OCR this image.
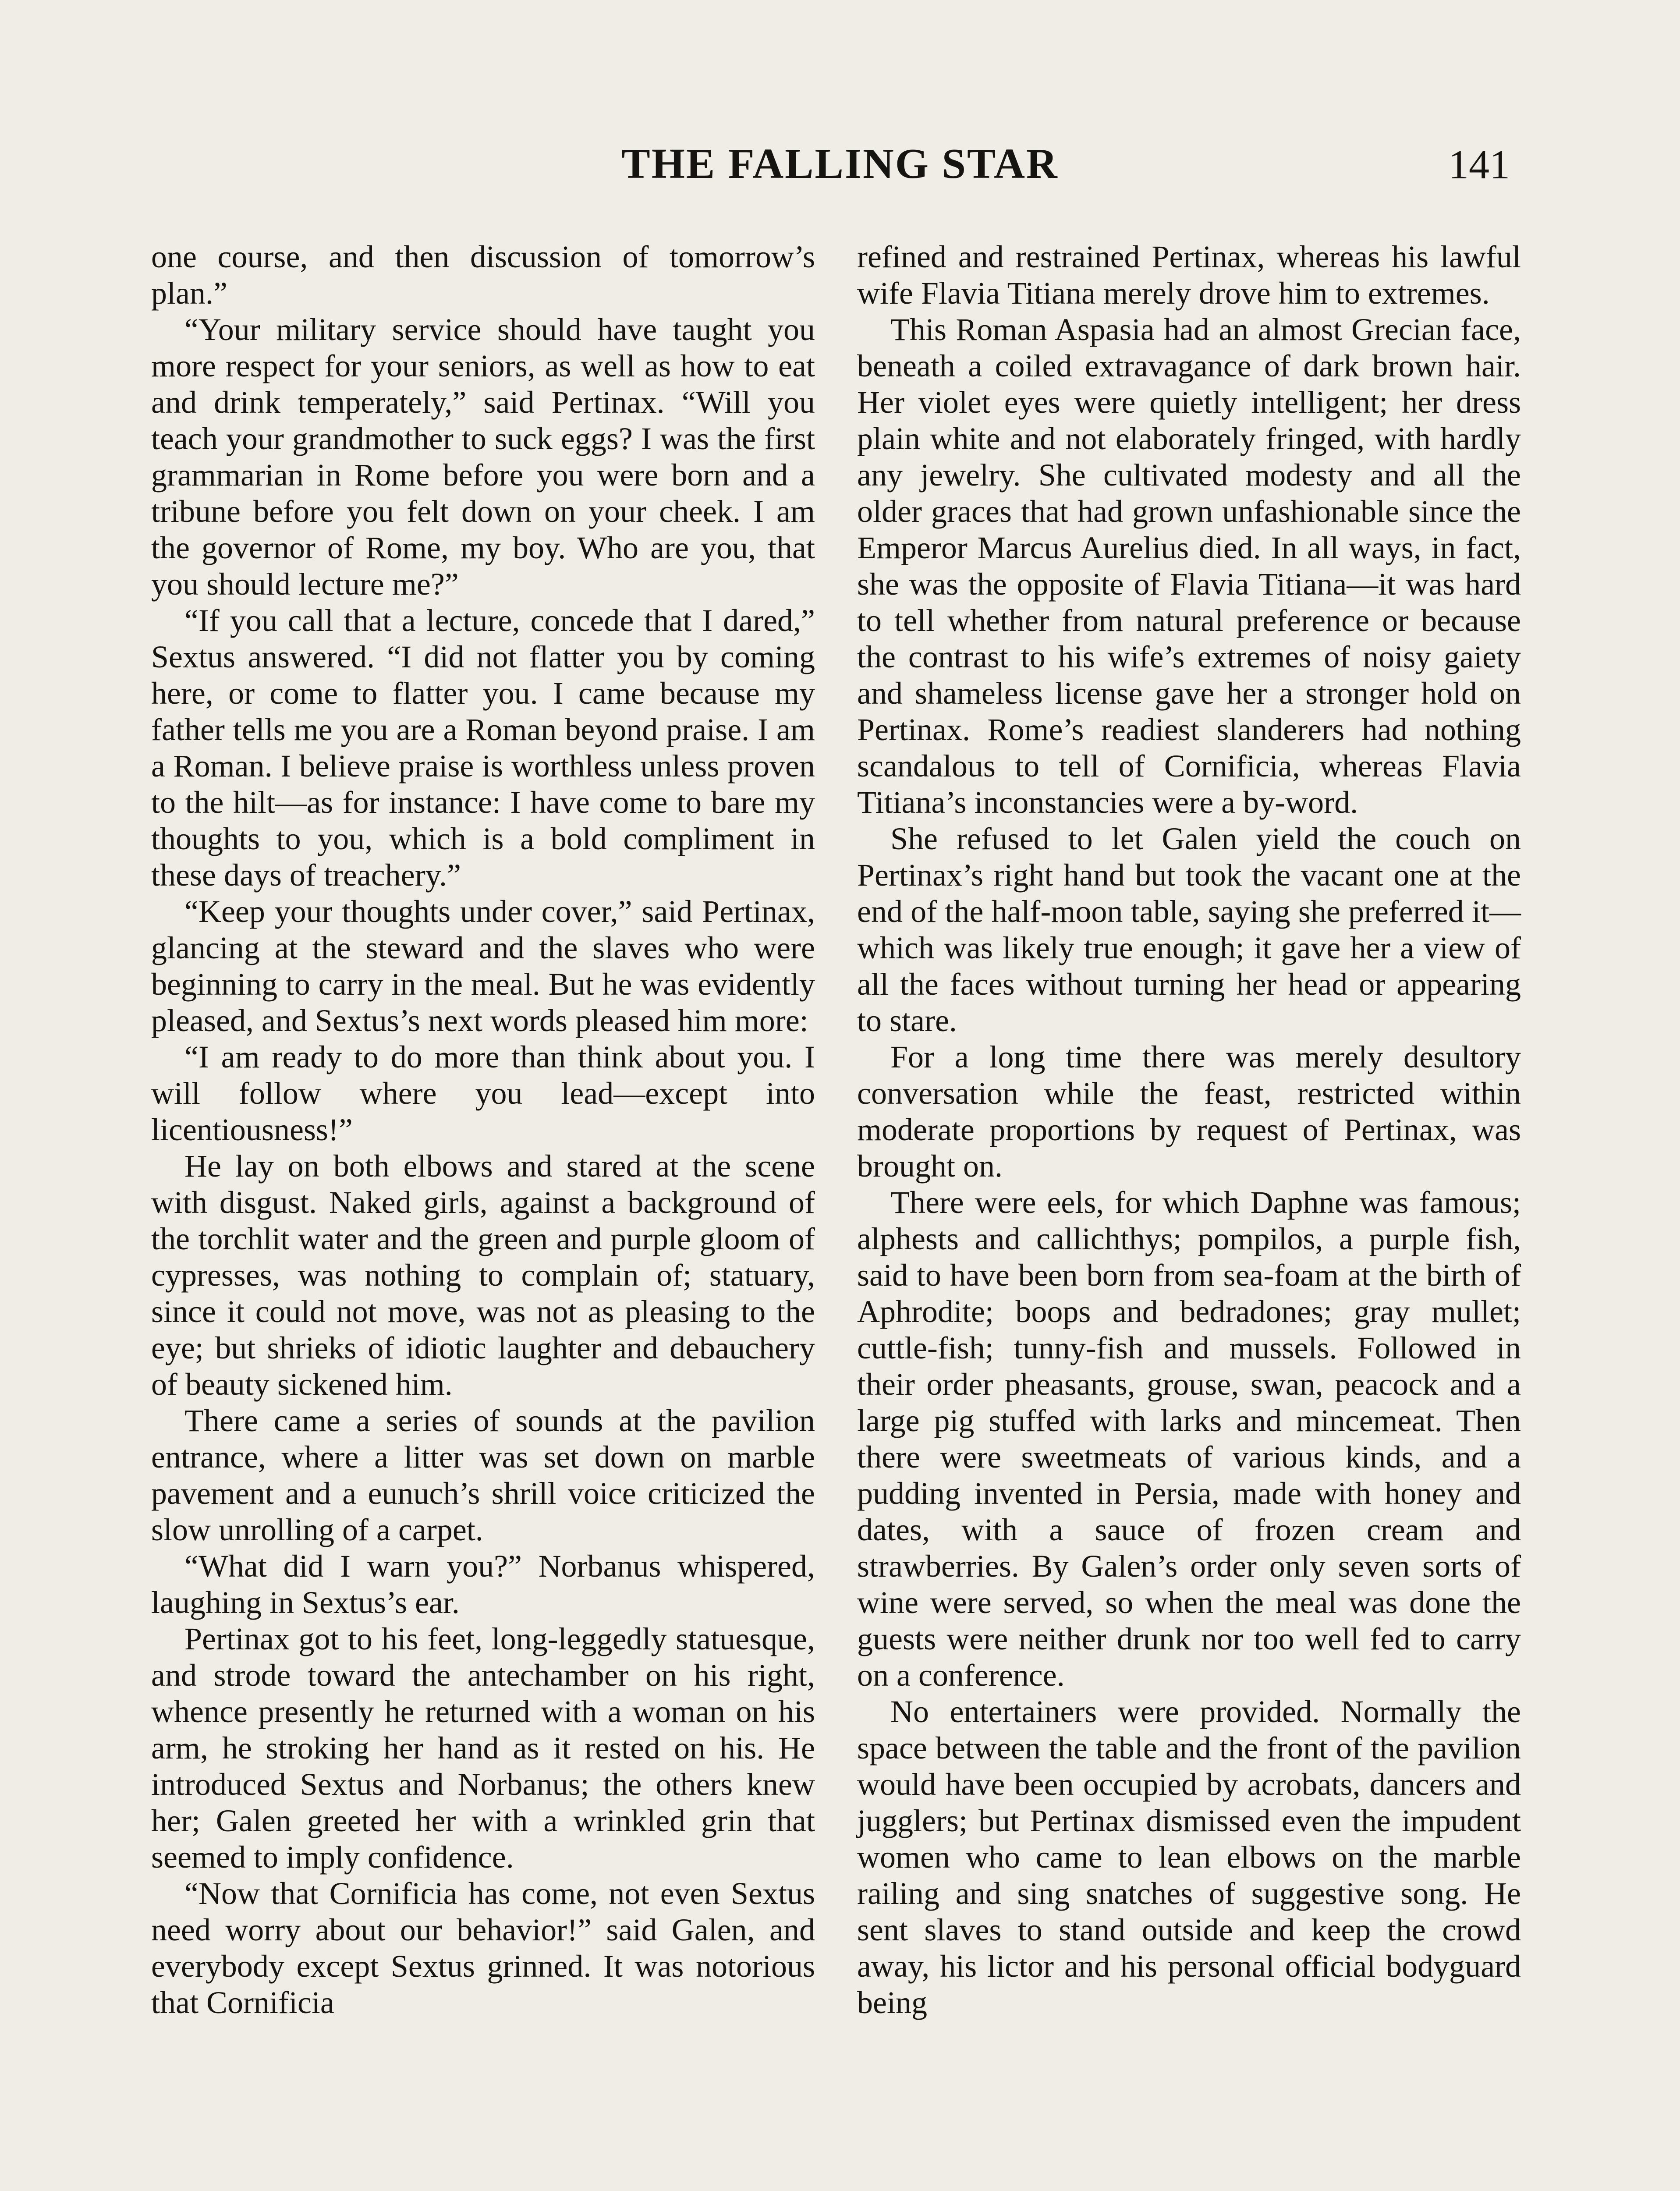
THE FALLING STAR	141

one course, and then discussion of tomorrow’s plan.”

“Your military service should have taught you more respect for your seniors, as well as how to eat and drink temperately,” said Pertinax. “Will you teach your grandmother to suck eggs? I was the first grammarian in Rome before you were born and a tribune before you felt down on your cheek. I am the governor of Rome, my boy. Who are you, that you should lecture me?”

“If you call that a lecture, concede that I dared,” Sextus answered. “I did not flatter you by coming here, or come to flatter you. I came because my father tells me you are a Roman beyond praise. I am a Roman. I believe praise is worthless unless proven to the hilt—as for instance: I have come to bare my thoughts to you, which is a bold compliment in these days of treachery.”

“Keep your thoughts under cover,” said Pertinax, glancing at the steward and the slaves who were beginning to carry in the meal. But he was evidently pleased, and Sextus’s next words pleased him more:

“I am ready to do more than think about you. I will follow where you lead—except into licentiousness!”

He lay on both elbows and stared at the scene with disgust. Naked girls, against a background of the torchlit water and the green and purple gloom of cypresses, was nothing to complain of; statuary, since it could not move, was not as pleasing to the eye; but shrieks of idiotic laughter and debauchery of beauty sickened him.

There came a series of sounds at the pavilion entrance, where a litter was set down on marble pavement and a eunuch’s shrill voice criticized the slow unrolling of a carpet.

“What did I warn you?” Norbanus whispered, laughing in Sextus’s ear.

Pertinax got to his feet, long-leggedly statuesque, and strode toward the antechamber on his right, whence presently he returned with a woman on his arm, he stroking her hand as it rested on his. He introduced Sextus and Norbanus; the others knew her; Galen greeted her with a wrinkled grin that seemed to imply confidence.

“Now that Cornificia has come, not even Sextus need worry about our behavior!” said Galen, and everybody except Sextus grinned. It was notorious that Cornificia

refined and restrained Pertinax, whereas his lawful wife Flavia Titiana merely drove him to extremes.

This Roman Aspasia had an almost Grecian face, beneath a coiled extravagance of dark brown hair. Her violet eyes were quietly intelligent; her dress plain white and not elaborately fringed, with hardly any jewelry. She cultivated modesty and all the older graces that had grown unfashionable since the Emperor Marcus Aurelius died. In all ways, in fact, she was the opposite of Flavia Titiana—it was hard to tell whether from natural preference or because the contrast to his wife’s extremes of noisy gaiety and shameless license gave her a stronger hold on Pertinax. Rome’s readiest slanderers had nothing scandalous to tell of Cornificia, whereas Flavia Titiana’s inconstancies were a by-word.

She refused to let Galen yield the couch on Pertinax’s right hand but took the vacant one at the end of the half-moon table, saying she preferred it—which was likely true enough; it gave her a view of all the faces without turning her head or appearing to stare.

For a long time there was merely desultory conversation while the feast, restricted within moderate proportions by request of Pertinax, was brought on.

There were eels, for which Daphne was famous; alphests and callichthys; pompilos, a purple fish, said to have been born from sea-foam at the birth of Aphrodite; boops and bedradones; gray mullet; cuttle-fish; tunny-fish and mussels. Followed in their order pheasants, grouse, swan, peacock and a large pig stuffed with larks and mincemeat. Then there were sweetmeats of various kinds, and a pudding invented in Persia, made with honey and dates, with a sauce of frozen cream and strawberries. By Galen’s order only seven sorts of wine were served, so when the meal was done the guests were neither drunk nor too well fed to carry on a conference.

No entertainers were provided. Normally the space between the table and the front of the pavilion would have been occupied by acrobats, dancers and jugglers; but Pertinax dismissed even the impudent women who came to lean elbows on the marble railing and sing snatches of suggestive song. He sent slaves to stand outside and keep the crowd away, his lictor and his personal official bodyguard being
